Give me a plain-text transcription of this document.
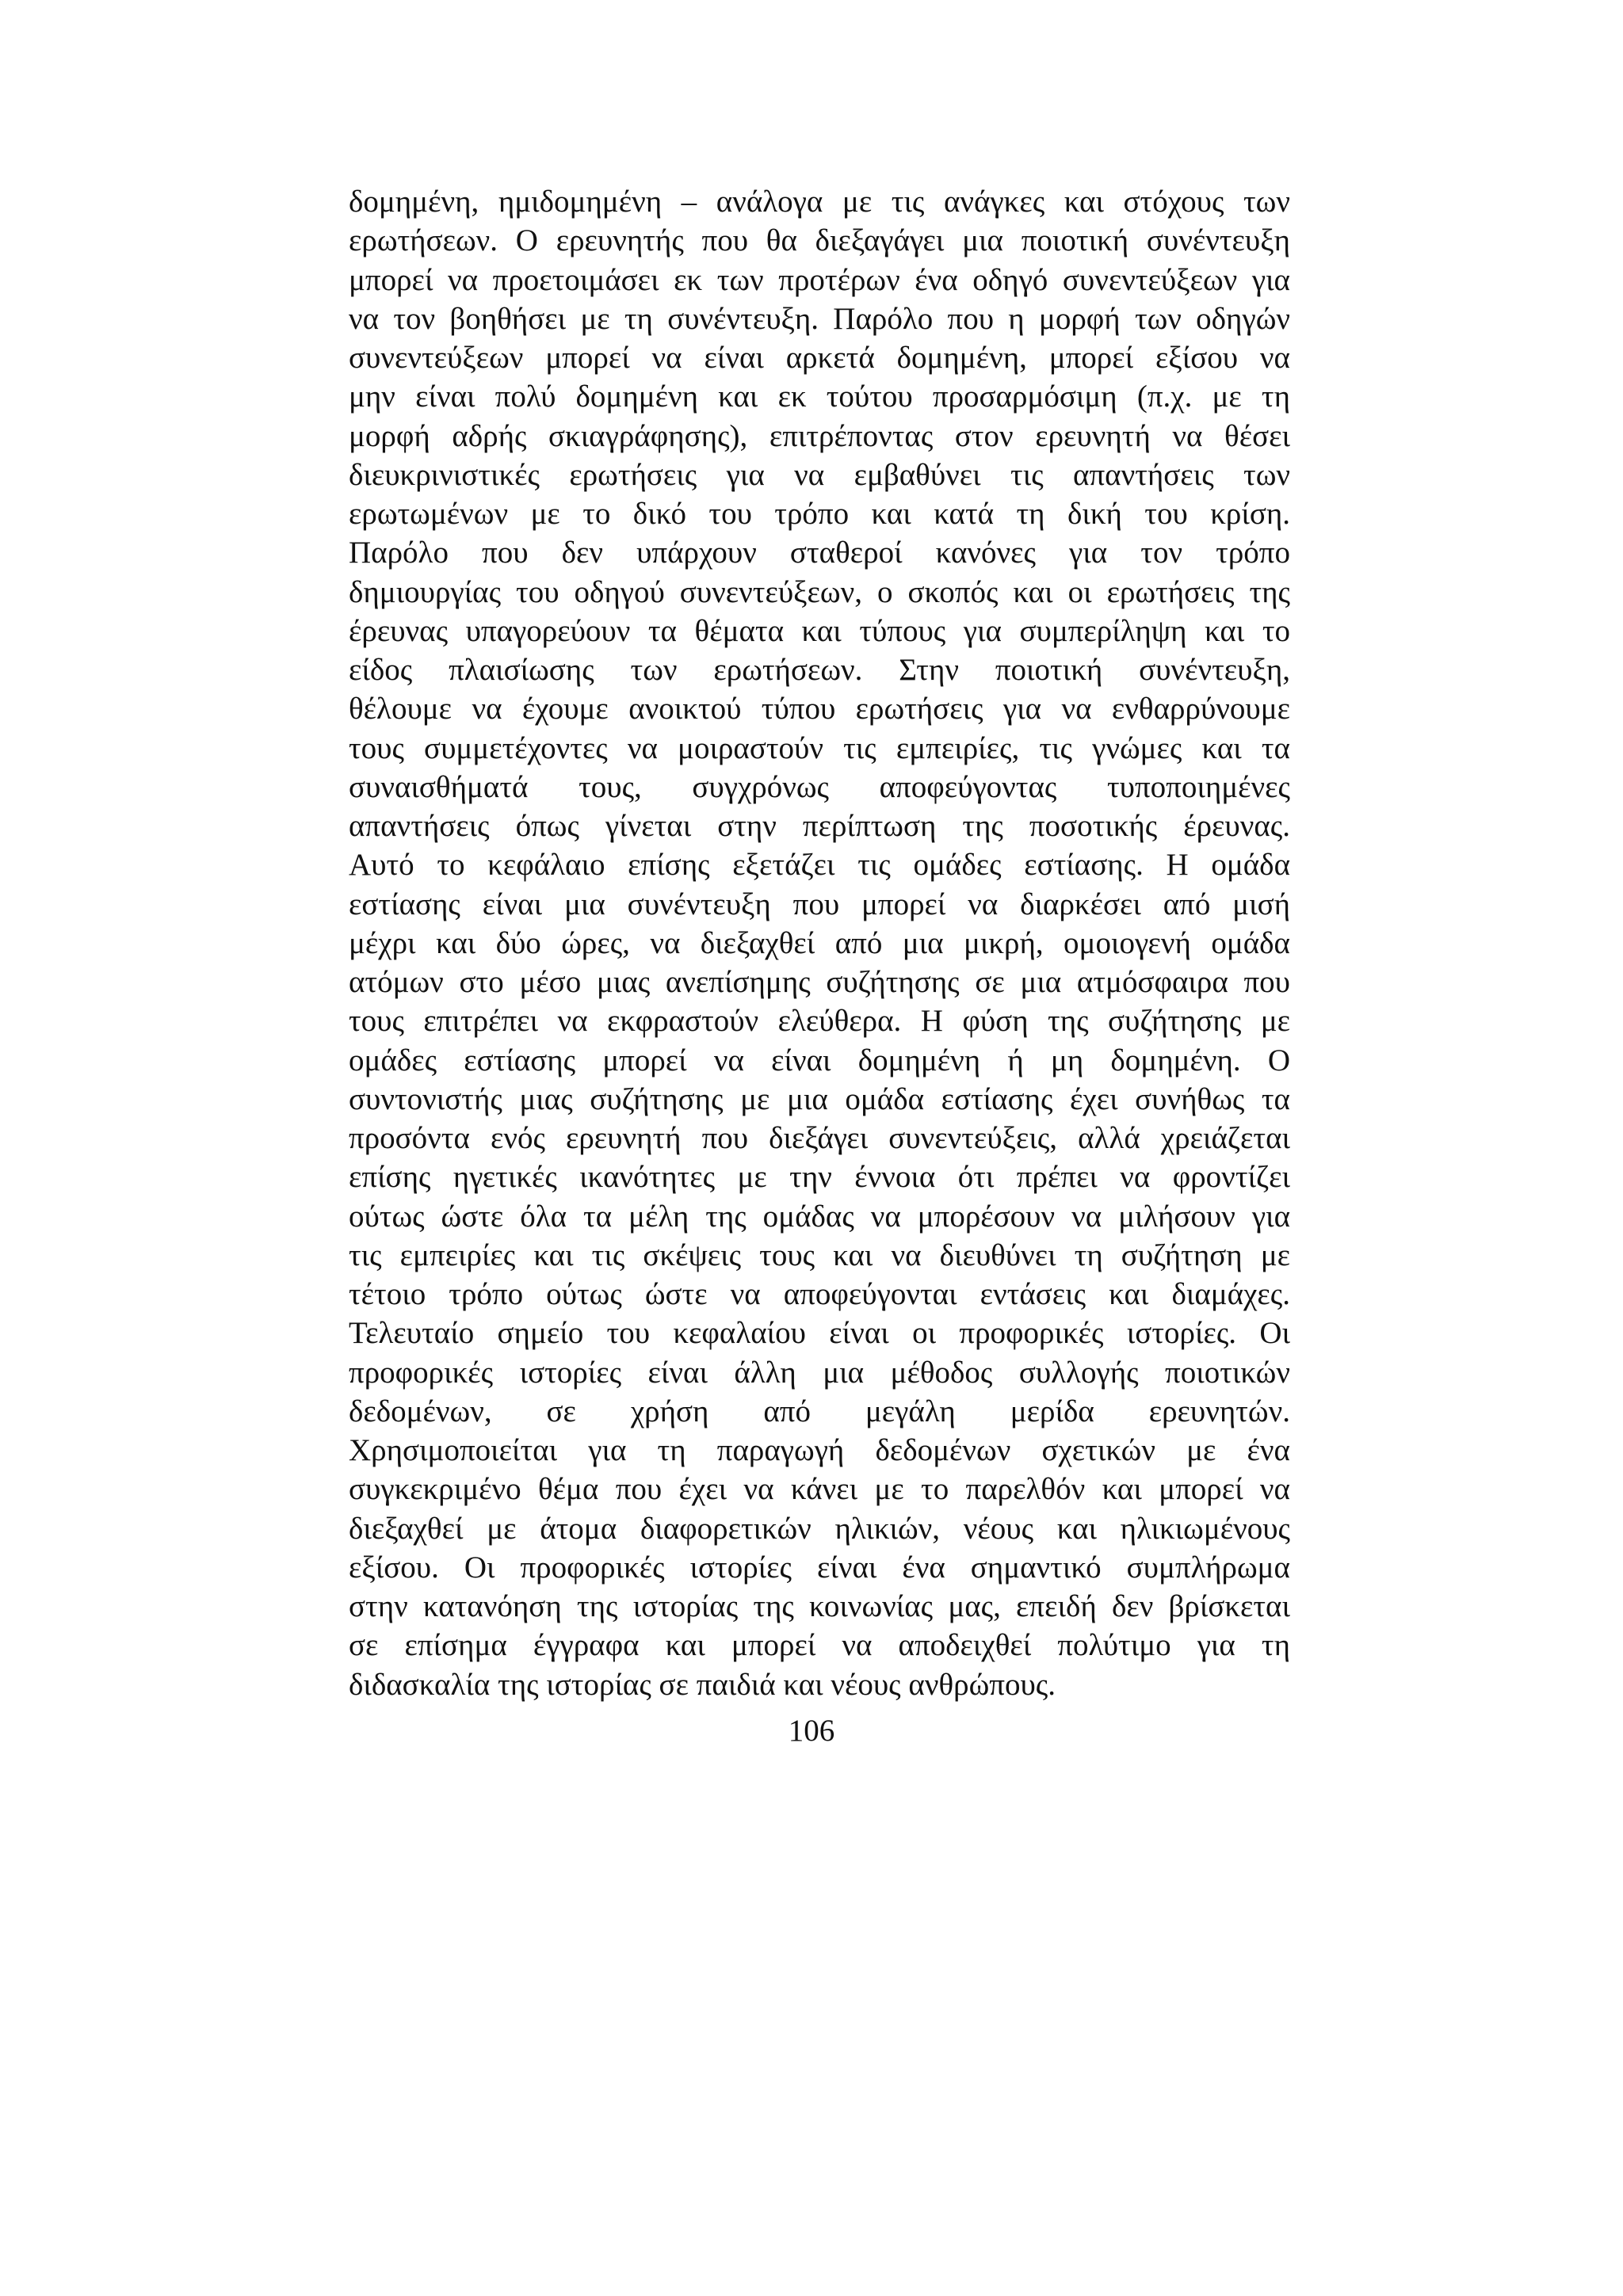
δομημένη, ημιδομημένη – ανάλογα με τις ανάγκες και στόχους των
ερωτήσεων. Ο ερευνητής που θα διεξαγάγει μια ποιοτική συνέντευξη
μπορεί να προετοιμάσει εκ των προτέρων ένα οδηγό συνεντεύξεων για
να τον βοηθήσει με τη συνέντευξη. Παρόλο που η μορφή των οδηγών
συνεντεύξεων μπορεί να είναι αρκετά δομημένη, μπορεί εξίσου να
μην είναι πολύ δομημένη και εκ τούτου προσαρμόσιμη (π.χ. με τη
μορφή αδρής σκιαγράφησης), επιτρέποντας στον ερευνητή να θέσει
διευκρινιστικές ερωτήσεις για να εμβαθύνει τις απαντήσεις των
ερωτωμένων με το δικό του τρόπο και κατά τη δική του κρίση.
Παρόλο που δεν υπάρχουν σταθεροί κανόνες για τον τρόπο
δημιουργίας του οδηγού συνεντεύξεων, ο σκοπός και οι ερωτήσεις της
έρευνας υπαγορεύουν τα θέματα και τύπους για συμπερίληψη και το
είδος πλαισίωσης των ερωτήσεων. Στην ποιοτική συνέντευξη,
θέλουμε να έχουμε ανοικτού τύπου ερωτήσεις για να ενθαρρύνουμε
τους συμμετέχοντες να μοιραστούν τις εμπειρίες, τις γνώμες και τα
συναισθήματά τους, συγχρόνως αποφεύγοντας τυποποιημένες
απαντήσεις όπως γίνεται στην περίπτωση της ποσοτικής έρευνας.
Αυτό το κεφάλαιο επίσης εξετάζει τις ομάδες εστίασης. Η ομάδα
εστίασης είναι μια συνέντευξη που μπορεί να διαρκέσει από μισή
μέχρι και δύο ώρες, να διεξαχθεί από μια μικρή, ομοιογενή ομάδα
ατόμων στο μέσο μιας ανεπίσημης συζήτησης σε μια ατμόσφαιρα που
τους επιτρέπει να εκφραστούν ελεύθερα. Η φύση της συζήτησης με
ομάδες εστίασης μπορεί να είναι δομημένη ή μη δομημένη. Ο
συντονιστής μιας συζήτησης με μια ομάδα εστίασης έχει συνήθως τα
προσόντα ενός ερευνητή που διεξάγει συνεντεύξεις, αλλά χρειάζεται
επίσης ηγετικές ικανότητες με την έννοια ότι πρέπει να φροντίζει
ούτως ώστε όλα τα μέλη της ομάδας να μπορέσουν να μιλήσουν για
τις εμπειρίες και τις σκέψεις τους και να διευθύνει τη συζήτηση με
τέτοιο τρόπο ούτως ώστε να αποφεύγονται εντάσεις και διαμάχες.
Τελευταίο σημείο του κεφαλαίου είναι οι προφορικές ιστορίες. Οι
προφορικές ιστορίες είναι άλλη μια μέθοδος συλλογής ποιοτικών
δεδομένων, σε χρήση από μεγάλη μερίδα ερευνητών.
Χρησιμοποιείται για τη παραγωγή δεδομένων σχετικών με ένα
συγκεκριμένο θέμα που έχει να κάνει με το παρελθόν και μπορεί να
διεξαχθεί με άτομα διαφορετικών ηλικιών, νέους και ηλικιωμένους
εξίσου. Οι προφορικές ιστορίες είναι ένα σημαντικό συμπλήρωμα
στην κατανόηση της ιστορίας της κοινωνίας μας, επειδή δεν βρίσκεται
σε επίσημα έγγραφα και μπορεί να αποδειχθεί πολύτιμο για τη
διδασκαλία της ιστορίας σε παιδιά και νέους ανθρώπους.
106
